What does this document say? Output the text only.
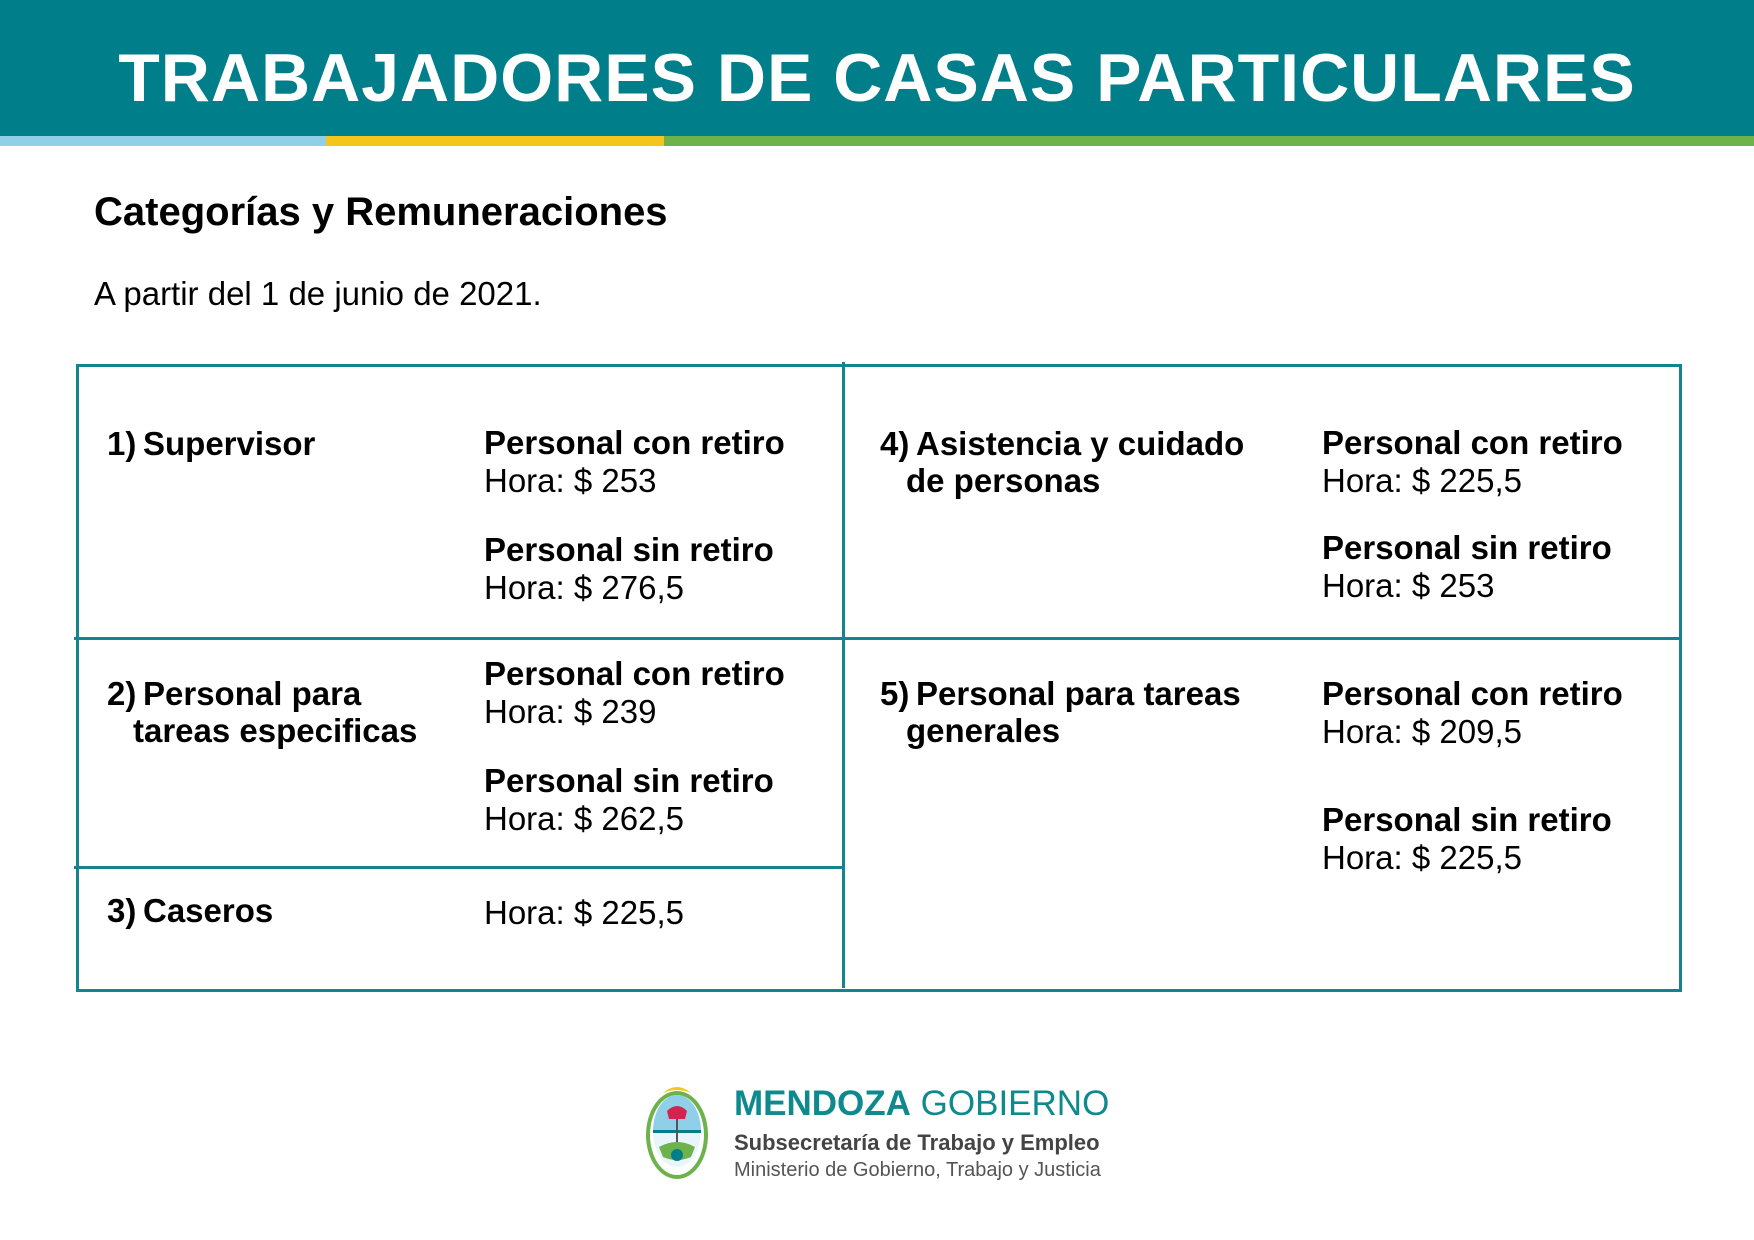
TRABAJADORES DE CASAS PARTICULARES
Categorías y Remuneraciones
A partir del 1 de junio de 2021.
1) Supervisor	Personal con retiro
Hora: $ 253
Personal sin retiro
Hora: $ 276,5
2) Personal para
tareas especificas
Personal con retiro
Hora: $ 239
Personal sin retiro
Hora: $ 262,5
3) Caseros	Hora: $ 225,5
4) Asistencia y cuidado
de personas
Personal con retiro
Hora: $ 225,5
Personal sin retiro
Hora: $ 253
5) Personal para tareas
generales
Personal con retiro
Hora: $ 209,5
Personal sin retiro
Hora: $ 225,5
MENDOZA GOBIERNO
Subsecretaría de Trabajo y Empleo
Ministerio de Gobierno, Trabajo y Justicia
